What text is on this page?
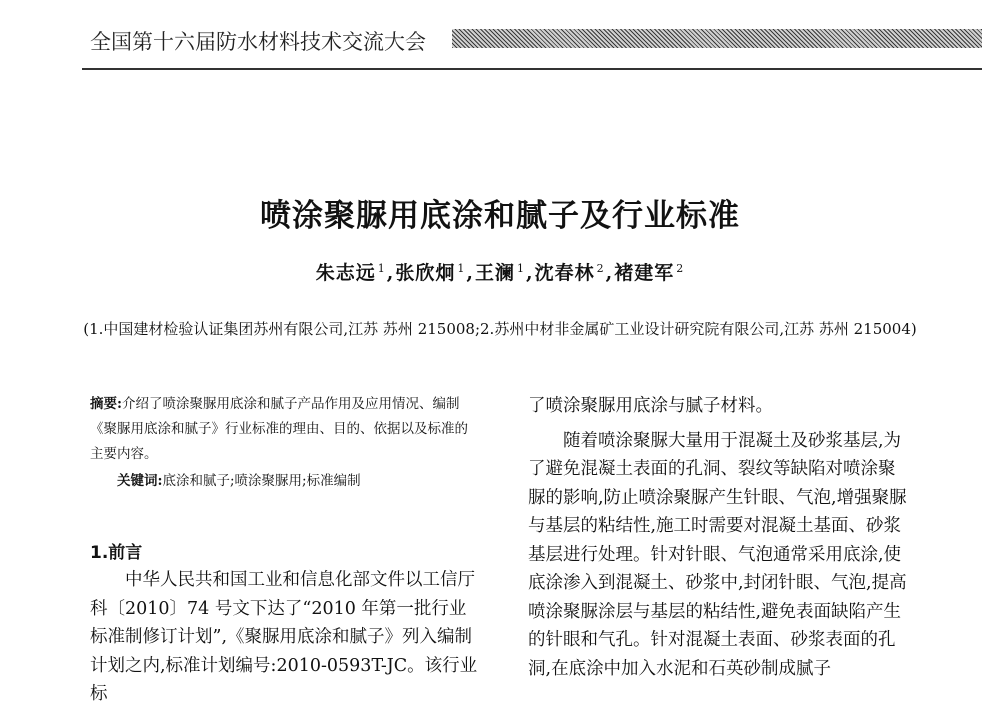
全国第十六届防水材料技术交流大会
喷涂聚脲用底涂和腻子及行业标准
朱志远 $^1$,张欣炯 $^1$,王澜 $^1$,沈春林 $^2$,褚建军 $^2$
(1.中国建材检验认证集团苏州有限公司,江苏 苏州 215008;2.苏州中材非金属矿工业设计研究院有限公司,江苏 苏州 215004)
摘要:介绍了喷涂聚脲用底涂和腻子产品作用及应用情况、编制《聚脲用底涂和腻子》行业标准的理由、目的、依据以及标准的主要内容。
关键词:底涂和腻子;喷涂聚脲用;标准编制
1.前言

中华人民共和国工业和信息化部文件以工信厅科〔2010〕74 号文下达了“2010 年第一批行业标准制修订计划”,《聚脲用底涂和腻子》列入编制计划之内,标准计划编号:2010-0593T-JC。该行业标

了喷涂聚脲用底涂与腻子材料。

随着喷涂聚脲大量用于混凝土及砂浆基层,为了避免混凝土表面的孔洞、裂纹等缺陷对喷涂聚脲的影响,防止喷涂聚脲产生针眼、气泡,增强聚脲与基层的粘结性,施工时需要对混凝土基面、砂浆基层进行处理。针对针眼、气泡通常采用底涂,使底涂渗入到混凝土、砂浆中,封闭针眼、气泡,提高喷涂聚脲涂层与基层的粘结性,避免表面缺陷产生的针眼和气孔。针对混凝土表面、砂浆表面的孔洞,在底涂中加入水泥和石英砂制成腻子
